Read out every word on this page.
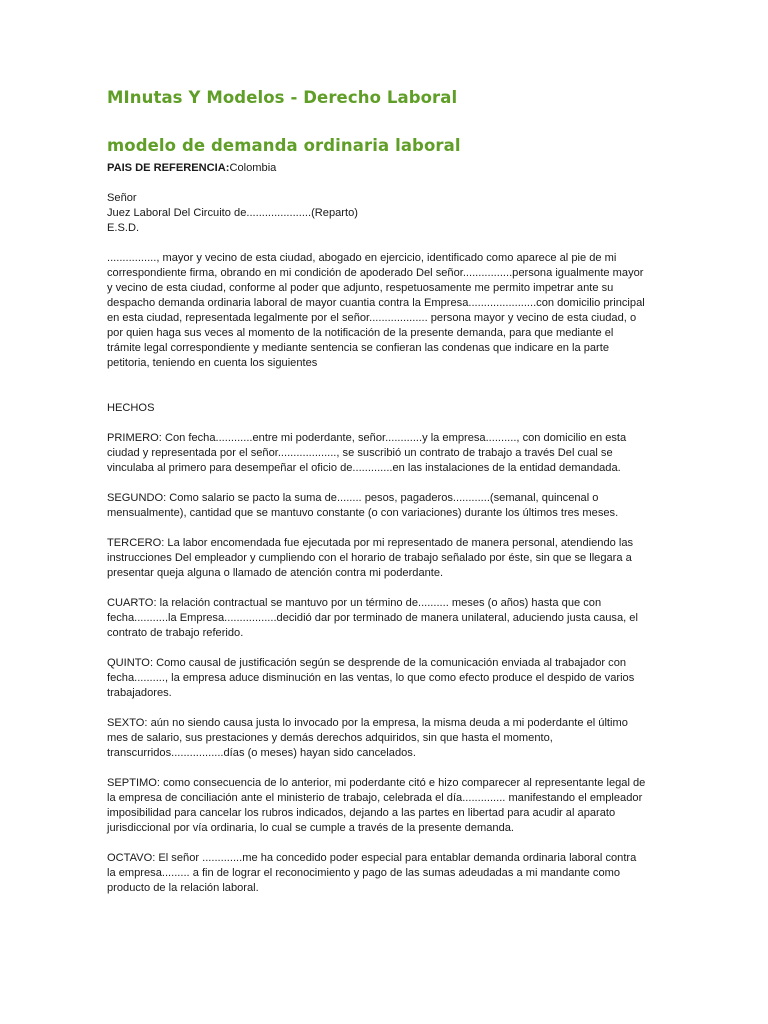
MInutas Y Modelos - Derecho Laboral
modelo de demanda ordinaria laboral

PAIS DE REFERENCIA:Colombia

Señor

Juez Laboral Del Circuito de.....................(Reparto)

E.S.D.

................, mayor y vecino de esta ciudad, abogado en ejercicio, identificado como aparece al pie de mi correspondiente firma, obrando en mi condición de apoderado Del señor................persona igualmente mayor y vecino de esta ciudad, conforme al poder que adjunto, respetuosamente me permito impetrar ante su despacho demanda ordinaria laboral de mayor cuantia contra la Empresa......................con domicilio principal en esta ciudad, representada legalmente por el señor................... persona mayor y vecino de esta ciudad, o por quien haga sus veces al momento de la notificación de la presente demanda, para que mediante el trámite legal correspondiente y mediante sentencia se confieran las condenas que indicare en la parte petitoria, teniendo en cuenta los siguientes

HECHOS

PRIMERO: Con fecha............entre mi poderdante, señor............y la empresa.........., con domicilio en esta ciudad y representada por el señor..................., se suscribió un contrato de trabajo a través Del cual se vinculaba al primero para desempeñar el oficio de.............en las instalaciones de la entidad demandada.

SEGUNDO: Como salario se pacto la suma de........ pesos, pagaderos............(semanal, quincenal o mensualmente), cantidad que se mantuvo constante (o con variaciones) durante los últimos tres meses.

TERCERO: La labor encomendada fue ejecutada por mi representado de manera personal, atendiendo las instrucciones Del empleador y cumpliendo con el horario de trabajo señalado por éste, sin que se llegara a presentar queja alguna o llamado de atención contra mi poderdante.

CUARTO: la relación contractual se mantuvo por un término de.......... meses (o años) hasta que con fecha...........la Empresa.................decidió dar por terminado de manera unilateral, aduciendo justa causa, el contrato de trabajo referido.

QUINTO: Como causal de justificación según se desprende de la comunicación enviada al trabajador con fecha.........., la empresa aduce disminución en las ventas, lo que como efecto produce el despido de varios trabajadores.

SEXTO: aún no siendo causa justa lo invocado por la empresa, la misma deuda a mi poderdante el último mes de salario, sus prestaciones y demás derechos adquiridos, sin que hasta el momento, transcurridos.................días (o meses) hayan sido cancelados.

SEPTIMO: como consecuencia de lo anterior, mi poderdante citó e hizo comparecer al representante legal de la empresa de conciliación ante el ministerio de trabajo, celebrada el día.............. manifestando el empleador imposibilidad para cancelar los rubros indicados, dejando a las partes en libertad para acudir al aparato jurisdiccional por vía ordinaria, lo cual se cumple a través de la presente demanda.

OCTAVO: El señor .............me ha concedido poder especial para entablar demanda ordinaria laboral contra la empresa......... a fin de lograr el reconocimiento y pago de las sumas adeudadas a mi mandante como producto de la relación laboral.
